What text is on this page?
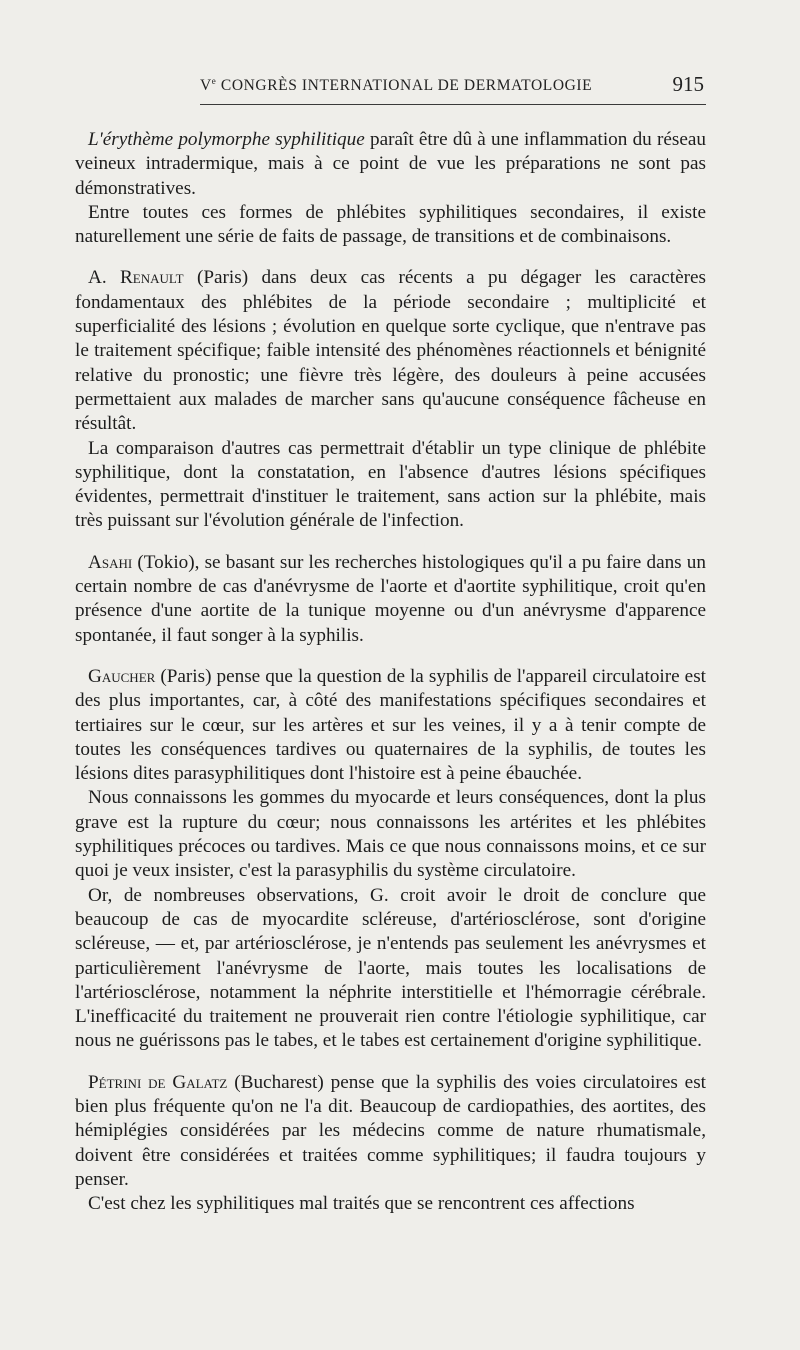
Ve CONGRÈS INTERNATIONAL DE DERMATOLOGIE	915

L'érythème polymorphe syphilitique paraît être dû à une inflammation du réseau veineux intradermique, mais à ce point de vue les préparations ne sont pas démonstratives.

Entre toutes ces formes de phlébites syphilitiques secondaires, il existe naturellement une série de faits de passage, de transitions et de combinaisons.

A. Renault (Paris) dans deux cas récents a pu dégager les caractères fondamentaux des phlébites de la période secondaire ; multiplicité et superficialité des lésions ; évolution en quelque sorte cyclique, que n'entrave pas le traitement spécifique; faible intensité des phénomènes réactionnels et bénignité relative du pronostic; une fièvre très légère, des douleurs à peine accusées permettaient aux malades de marcher sans qu'aucune conséquence fâcheuse en résultât.

La comparaison d'autres cas permettrait d'établir un type clinique de phlébite syphilitique, dont la constatation, en l'absence d'autres lésions spécifiques évidentes, permettrait d'instituer le traitement, sans action sur la phlébite, mais très puissant sur l'évolution générale de l'infection.

Asahi (Tokio), se basant sur les recherches histologiques qu'il a pu faire dans un certain nombre de cas d'anévrysme de l'aorte et d'aortite syphilitique, croit qu'en présence d'une aortite de la tunique moyenne ou d'un anévrysme d'apparence spontanée, il faut songer à la syphilis.

Gaucher (Paris) pense que la question de la syphilis de l'appareil circulatoire est des plus importantes, car, à côté des manifestations spécifiques secondaires et tertiaires sur le cœur, sur les artères et sur les veines, il y a à tenir compte de toutes les conséquences tardives ou quaternaires de la syphilis, de toutes les lésions dites parasyphilitiques dont l'histoire est à peine ébauchée.

Nous connaissons les gommes du myocarde et leurs conséquences, dont la plus grave est la rupture du cœur; nous connaissons les artérites et les phlébites syphilitiques précoces ou tardives. Mais ce que nous connaissons moins, et ce sur quoi je veux insister, c'est la parasyphilis du système circulatoire.

Or, de nombreuses observations, G. croit avoir le droit de conclure que beaucoup de cas de myocardite scléreuse, d'artériosclérose, sont d'origine scléreuse, — et, par artériosclérose, je n'entends pas seulement les anévrysmes et particulièrement l'anévrysme de l'aorte, mais toutes les localisations de l'artériosclérose, notamment la néphrite interstitielle et l'hémorragie cérébrale. L'inefficacité du traitement ne prouverait rien contre l'étiologie syphilitique, car nous ne guérissons pas le tabes, et le tabes est certainement d'origine syphilitique.

Pétrini de Galatz (Bucharest) pense que la syphilis des voies circulatoires est bien plus fréquente qu'on ne l'a dit. Beaucoup de cardiopathies, des aortites, des hémiplégies considérées par les médecins comme de nature rhumatismale, doivent être considérées et traitées comme syphilitiques; il faudra toujours y penser.

C'est chez les syphilitiques mal traités que se rencontrent ces affections
